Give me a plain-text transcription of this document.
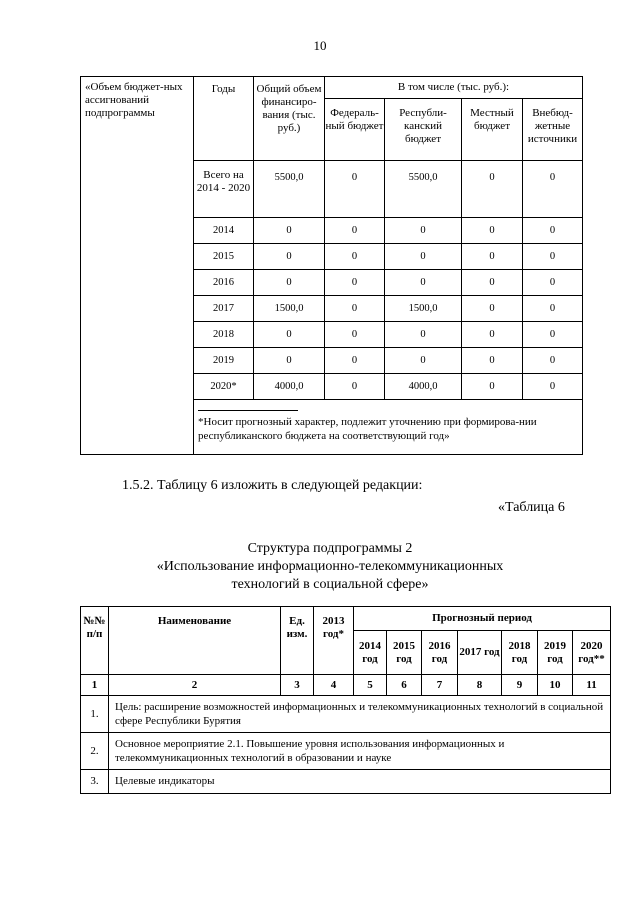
10
«Объем бюджет-ных ассигнований подпрограммы	Годы	Общий объем финансиро-вания (тыс. руб.)	В том числе (тыс. руб.):			
			Федераль-ный бюджет	Республи-канский бюджет	Местный бюджет	Внебюд-жетные источники
	Всего на 2014 - 2020	5500,0	0	5500,0	0	0
	2014	0	0	0	0	0
	2015	0	0	0	0	0
	2016	0	0	0	0	0
	2017	1500,0	0	1500,0	0	0
	2018	0	0	0	0	0
	2019	0	0	0	0	0
	2020*	4000,0	0	4000,0	0	0

	*Носит прогнозный характер, подлежит уточнению при формирова-нии республиканского бюджета на соответствующий год»					
1.5.2. Таблицу 6 изложить в следующей редакции:
«Таблица 6
Структура подпрограммы 2
«Использование информационно-телекоммуникационных
технологий в социальной сфере»
№№ п/п	Наименование	Ед. изм.	2013 год*	Прогнозный период						
				2014 год	2015 год	2016 год	2017 год	2018 год	2019 год	2020 год**
1	2	3	4	5	6	7	8	9	10	11
1.	Цель: расширение возможностей информационных и телекоммуникационных технологий в социальной сфере Республики Бурятия									
2.	Основное мероприятие 2.1. Повышение уровня использования информационных и телекоммуникационных технологий в образовании и науке									
3.	Целевые индикаторы									
